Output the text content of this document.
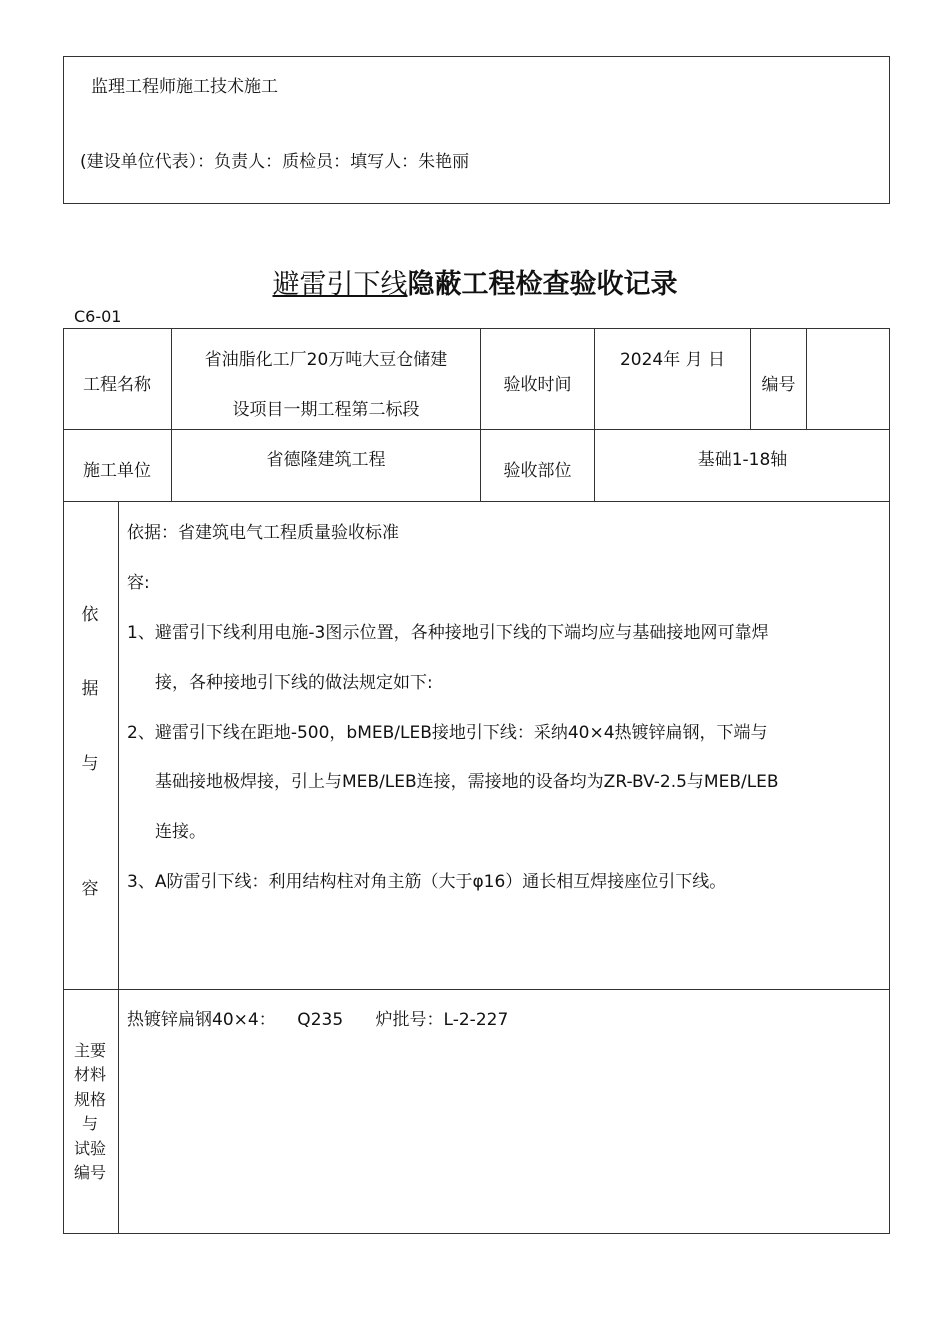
监理工程师施工技术施工
(建设单位代表）：负责人：质检员：填写人：朱艳丽
避雷引下线隐蔽工程检查验收记录
C6-01
工程名称
省油脂化工厂20万吨大豆仓储建
设项目一期工程第二标段
验收时间
2024年 月 日
编号
施工单位
省德隆建筑工程
验收部位
基础1-18轴
依
据
与
容
依据：省建筑电气工程质量验收标准
容:
1、避雷引下线利用电施-3图示位置，各种接地引下线的下端均应与基础接地网可靠焊
接，各种接地引下线的做法规定如下:
2、避雷引下线在距地-500，bMEB/LEB接地引下线：采纳40×4热镀锌扁钢，下端与
基础接地极焊接，引上与MEB/LEB连接，需接地的设备均为ZR-BV-2.5与MEB/LEB
连接。
3、A防雷引下线：利用结构柱对角主筋（大于φ16）通长相互焊接座位引下线。
主要
材料
规格
与
试验
编号
热镀锌扁钢40×4：    Q235      炉批号：L-2-227
